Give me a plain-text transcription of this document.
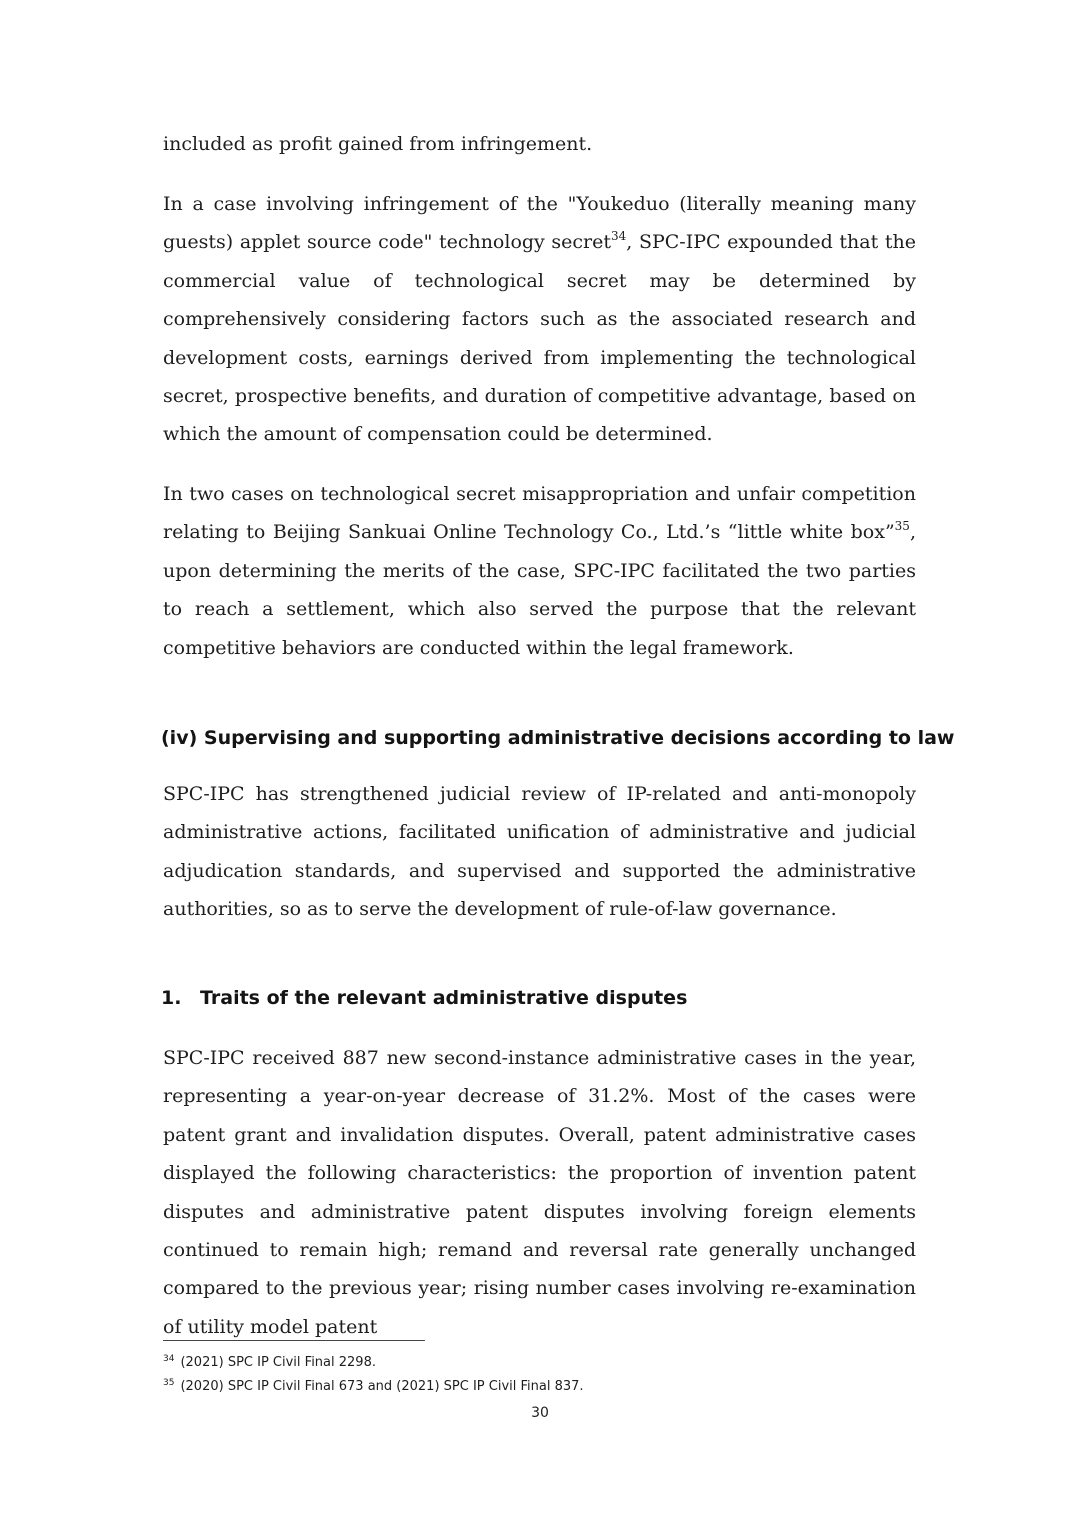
included as profit gained from infringement.

In a case involving infringement of the "Youkeduo (literally meaning many guests) applet source code" technology secret$^{34}$, SPC-IPC expounded that the commercial value of technological secret may be determined by comprehensively considering factors such as the associated research and development costs, earnings derived from implementing the technological secret, prospective benefits, and duration of competitive advantage, based on which the amount of compensation could be determined.

In two cases on technological secret misappropriation and unfair competition relating to Beijing Sankuai Online Technology Co., Ltd.’s “little white box”$^{35}$, upon determining the merits of the case, SPC-IPC facilitated the two parties to reach a settlement, which also served the purpose that the relevant competitive behaviors are conducted within the legal framework.

(iv) Supervising and supporting administrative decisions according to law

SPC-IPC has strengthened judicial review of IP-related and anti-monopoly administrative actions, facilitated unification of administrative and judicial adjudication standards, and supervised and supported the administrative authorities, so as to serve the development of rule-of-law governance.

1. Traits of the relevant administrative disputes

SPC-IPC received 887 new second-instance administrative cases in the year, representing a year-on-year decrease of 31.2%. Most of the cases were patent grant and invalidation disputes. Overall, patent administrative cases displayed the following characteristics: the proportion of invention patent disputes and administrative patent disputes involving foreign elements continued to remain high; remand and reversal rate generally unchanged compared to the previous year; rising number cases involving re-examination of utility model patent

$^{34}$ (2021) SPC IP Civil Final 2298.

$^{35}$ (2020) SPC IP Civil Final 673 and (2021) SPC IP Civil Final 837.

30
